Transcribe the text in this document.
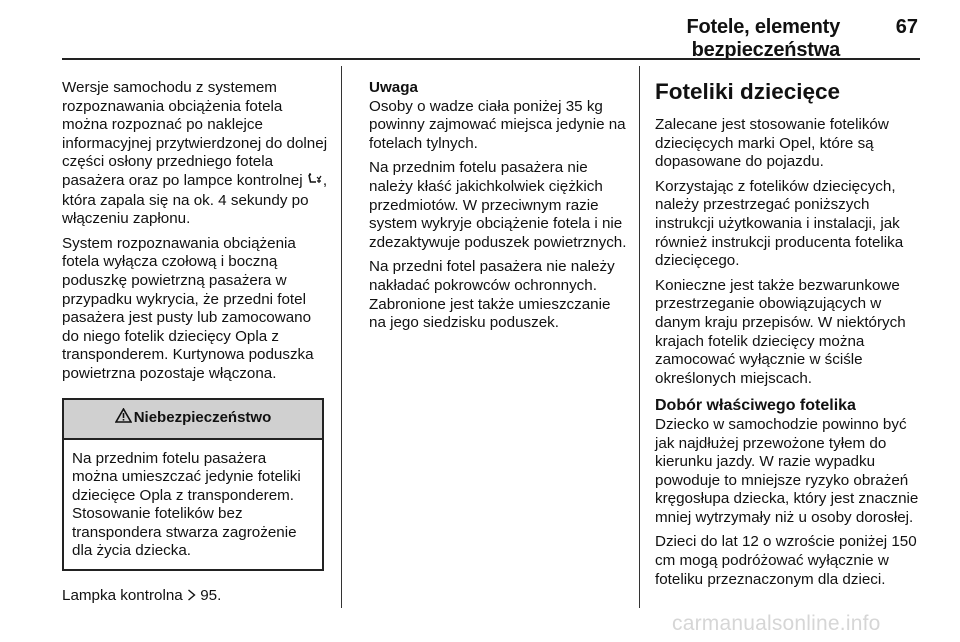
Fotele, elementy bezpieczeństwa
67

Wersje samochodu z systemem rozpoznawania obciążenia fotela można rozpoznać po naklejce informacyjnej przytwierdzonej do dolnej części osłony przedniego fotela pasażera oraz po lampce kontrolnej , która zapala się na ok. 4 sekundy po włączeniu zapłonu.

System rozpoznawania obciążenia fotela wyłącza czołową i boczną poduszkę powietrzną pasażera w przypadku wykrycia, że przedni fotel pasażera jest pusty lub zamocowano do niego fotelik dziecięcy Opla z transponderem. Kurtynowa poduszka powietrzna pozostaje włączona.

Niebezpieczeństwo

Na przednim fotelu pasażera można umieszczać jedynie foteliki dziecięce Opla z transponderem. Stosowanie fotelików bez transpondera stwarza zagrożenie dla życia dziecka.

Lampka kontrolna 95.

Uwaga
Osoby o wadze ciała poniżej 35 kg powinny zajmować miejsca jedynie na fotelach tylnych.

Na przednim fotelu pasażera nie należy kłaść jakichkolwiek ciężkich przedmiotów. W przeciwnym razie system wykryje obciążenie fotela i nie zdezaktywuje poduszek powietrznych.

Na przedni fotel pasażera nie należy nakładać pokrowców ochronnych. Zabronione jest także umieszczanie na jego siedzisku poduszek.

Foteliki dziecięce

Zalecane jest stosowanie fotelików dziecięcych marki Opel, które są dopasowane do pojazdu.

Korzystając z fotelików dziecięcych, należy przestrzegać poniższych instrukcji użytkowania i instalacji, jak również instrukcji producenta fotelika dziecięcego.

Konieczne jest także bezwarunkowe przestrzeganie obowiązujących w danym kraju przepisów. W niektórych krajach fotelik dziecięcy można zamocować wyłącznie w ściśle określonych miejscach.

Dobór właściwego fotelika

Dziecko w samochodzie powinno być jak najdłużej przewożone tyłem do kierunku jazdy. W razie wypadku powoduje to mniejsze ryzyko obrażeń kręgosłupa dziecka, który jest znacznie mniej wytrzymały niż u osoby dorosłej.

Dzieci do lat 12 o wzroście poniżej 150 cm mogą podróżować wyłącznie w foteliku przeznaczonym dla dzieci.

carmanualsonline.info
